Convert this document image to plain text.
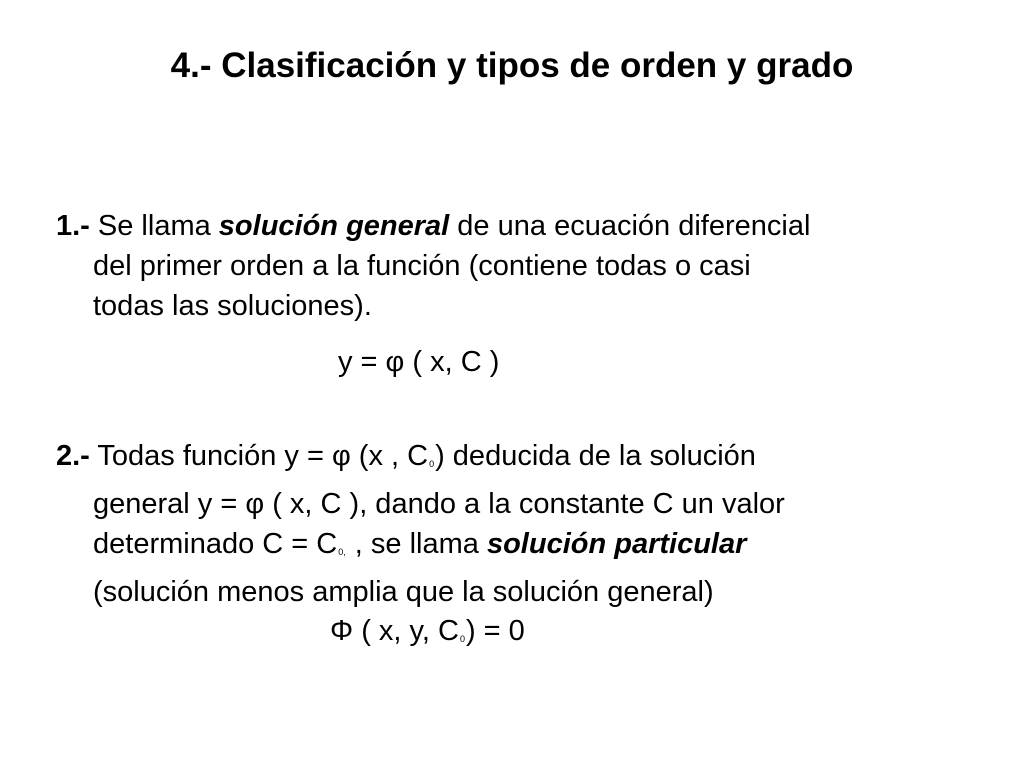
4.- Clasificación y tipos de orden y grado
1.- Se llama solución general de una ecuación diferencial
del primer orden a la función (contiene todas o casi
todas las soluciones).
y = φ ( x, C )
2.- Todas función y = φ (x , $C_0$) deducida de la solución
general y = φ ( x, C ), dando a la constante C un valor
determinado $C = C_{0,}$ , se llama solución particular
(solución menos amplia que la solución general)
Φ ( x, y, $C_0) = 0$
